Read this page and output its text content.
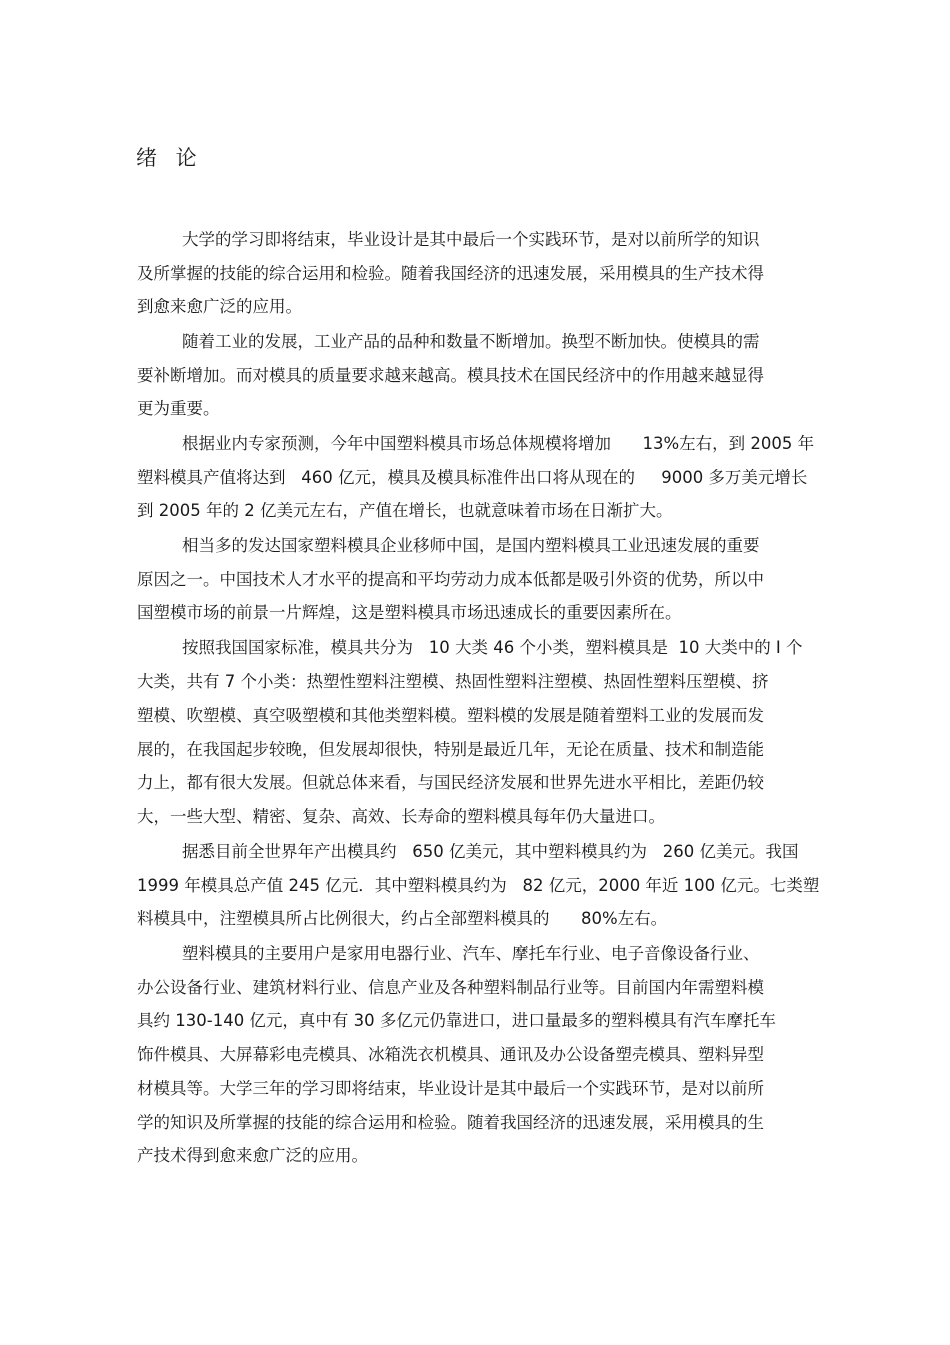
绪 论

大学的学习即将结束，毕业设计是其中最后一个实践环节，是对以前所学的知识

及所掌握的技能的综合运用和检验。随着我国经济的迅速发展，采用模具的生产技术得

到愈来愈广泛的应用。

随着工业的发展，工业产品的品种和数量不断增加。换型不断加快。使模具的需

要补断增加。而对模具的质量要求越来越高。模具技术在国民经济中的作用越来越显得

更为重要。

根据业内专家预测，今年中国塑料模具市场总体规模将增加      13%左右，到 2005 年

塑料模具产值将达到   460 亿元，模具及模具标准件出口将从现在的     9000 多万美元增长

到 2005 年的 2 亿美元左右，产值在增长，也就意味着市场在日渐扩大。

相当多的发达国家塑料模具企业移师中国，是国内塑料模具工业迅速发展的重要

原因之一。中国技术人才水平的提高和平均劳动力成本低都是吸引外资的优势，所以中

国塑模市场的前景一片辉煌，这是塑料模具市场迅速成长的重要因素所在。

按照我国国家标准，模具共分为   10 大类 46 个小类，塑料模具是  10 大类中的 I 个

大类，共有 7 个小类：热塑性塑料注塑模、热固性塑料注塑模、热固性塑料压塑模、挤

塑模、吹塑模、真空吸塑模和其他类塑料模。塑料模的发展是随着塑料工业的发展而发

展的，在我国起步较晚，但发展却很快，特别是最近几年，无论在质量、技术和制造能

力上，都有很大发展。但就总体来看，与国民经济发展和世界先进水平相比，差距仍较

大，一些大型、精密、复杂、高效、长寿命的塑料模具每年仍大量进口。

据悉目前全世界年产出模具约   650 亿美元，其中塑料模具约为   260 亿美元。我国

1999 年模具总产值 245 亿元．其中塑料模具约为   82 亿元，2000 年近 100 亿元。七类塑

料模具中，注塑模具所占比例很大，约占全部塑料模具的      80%左右。

塑料模具的主要用户是家用电器行业、汽车、摩托车行业、电子音像设备行业、

办公设备行业、建筑材料行业、信息产业及各种塑料制品行业等。目前国内年需塑料模

具约 130-140 亿元，真中有 30 多亿元仍靠进口，进口量最多的塑料模具有汽车摩托车

饰件模具、大屏幕彩电壳模具、冰箱洗衣机模具、通讯及办公设备塑壳模具、塑料异型

材模具等。大学三年的学习即将结束，毕业设计是其中最后一个实践环节，是对以前所

学的知识及所掌握的技能的综合运用和检验。随着我国经济的迅速发展，采用模具的生

产技术得到愈来愈广泛的应用。
